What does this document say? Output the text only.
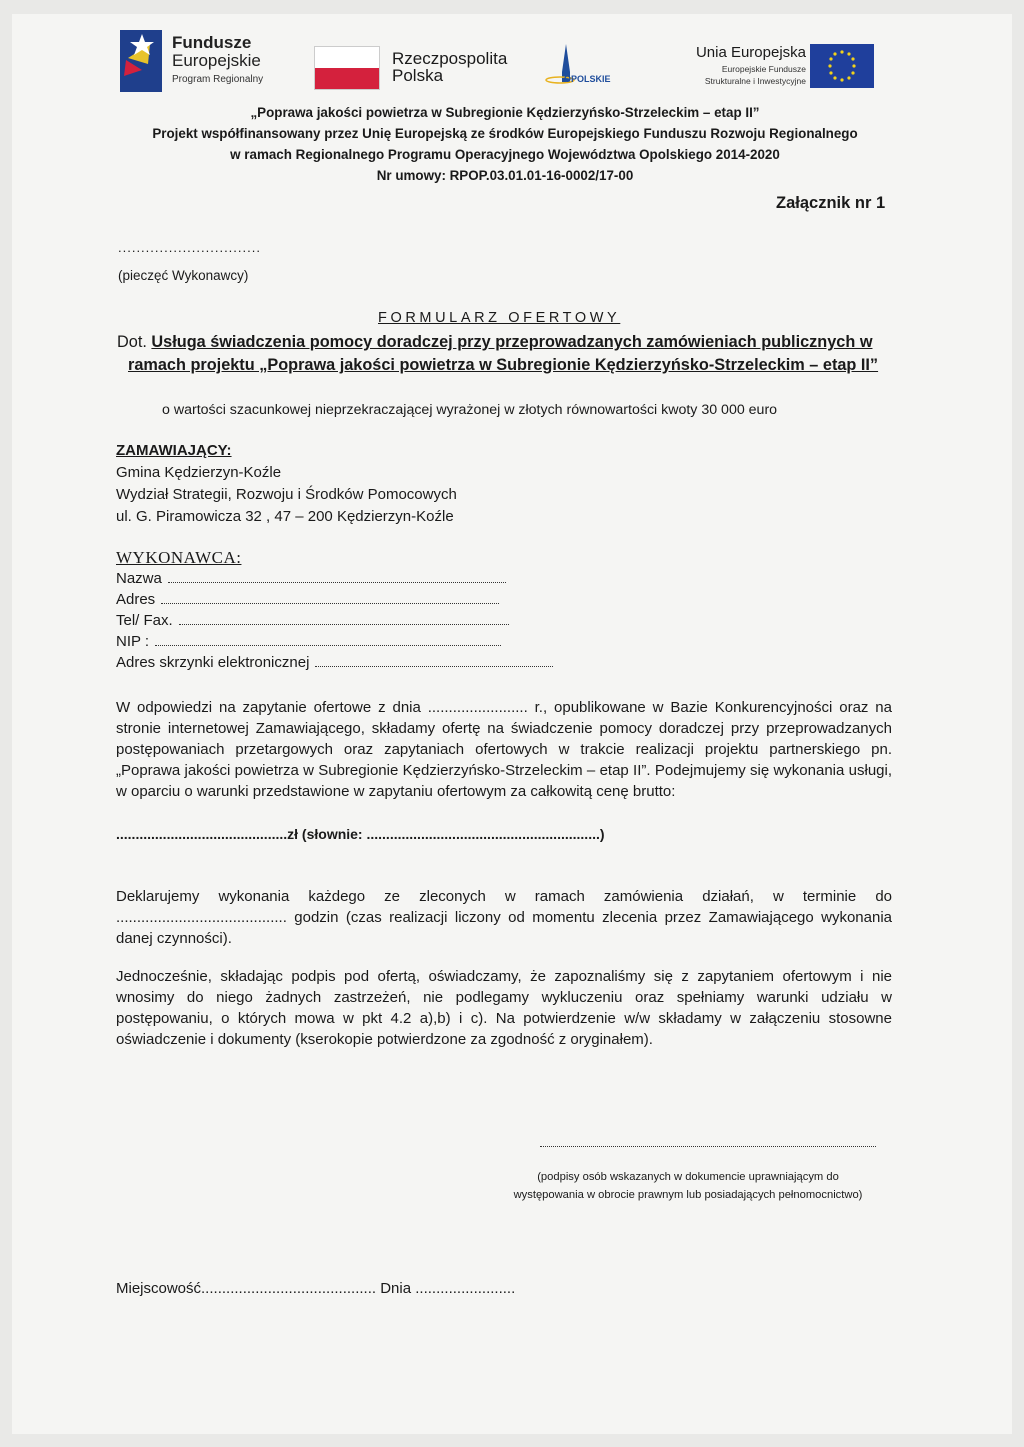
Fundusze
Europejskie
Program Regionalny
Rzeczpospolita
Polska	OPOLSKIE
Unia Europejska
Europejskie Fundusze
Strukturalne i Inwestycyjne
„Poprawa jakości powietrza w Subregionie Kędzierzyńsko-Strzeleckim – etap II”
Projekt współfinansowany przez Unię Europejską ze środków Europejskiego Funduszu Rozwoju Regionalnego
w ramach Regionalnego Programu Operacyjnego Województwa Opolskiego 2014-2020
Nr umowy: RPOP.03.01.01-16-0002/17-00
Załącznik nr 1
...............................
(pieczęć Wykonawcy)
FORMULARZ OFERTOWY
Dot. Usługa świadczenia pomocy doradczej przy przeprowadzanych zamówieniach publicznych w
ramach projektu „Poprawa jakości powietrza w Subregionie Kędzierzyńsko-Strzeleckim – etap II”
o wartości szacunkowej nieprzekraczającej wyrażonej w złotych równowartości kwoty 30 000 euro
ZAMAWIAJĄCY:
Gmina Kędzierzyn-Koźle
Wydział Strategii, Rozwoju i Środków Pomocowych
ul. G. Piramowicza 32 , 47 – 200 Kędzierzyn-Koźle
WYKONAWCA:
Nazwa
Adres
Tel/ Fax.
NIP :
Adres skrzynki elektronicznej
W odpowiedzi na zapytanie ofertowe z dnia ........................ r., opublikowane w Bazie Konkurencyjności oraz na stronie internetowej Zamawiającego, składamy ofertę na świadczenie pomocy doradczej przy przeprowadzanych postępowaniach przetargowych oraz zapytaniach ofertowych w trakcie realizacji projektu partnerskiego pn. „Poprawa jakości powietrza w Subregionie Kędzierzyńsko-Strzeleckim – etap II”. Podejmujemy się wykonania usługi, w oparciu o warunki przedstawione w zapytaniu ofertowym za całkowitą cenę brutto:
............................................zł (słownie: ............................................................)
Deklarujemy wykonania każdego ze zleconych w ramach zamówienia działań, w terminie do ......................................... godzin (czas realizacji liczony od momentu zlecenia przez Zamawiającego wykonania danej czynności).
Jednocześnie, składając podpis pod ofertą, oświadczamy, że zapoznaliśmy się z zapytaniem ofertowym i nie wnosimy do niego żadnych zastrzeżeń, nie podlegamy wykluczeniu oraz spełniamy warunki udziału w postępowaniu, o których mowa w pkt 4.2 a),b) i c). Na potwierdzenie w/w składamy w załączeniu stosowne oświadczenie i dokumenty (kserokopie potwierdzone za zgodność z oryginałem).
(podpisy osób wskazanych w dokumencie uprawniającym do
występowania w obrocie prawnym lub posiadających pełnomocnictwo)
Miejscowość.......................................... Dnia ........................
